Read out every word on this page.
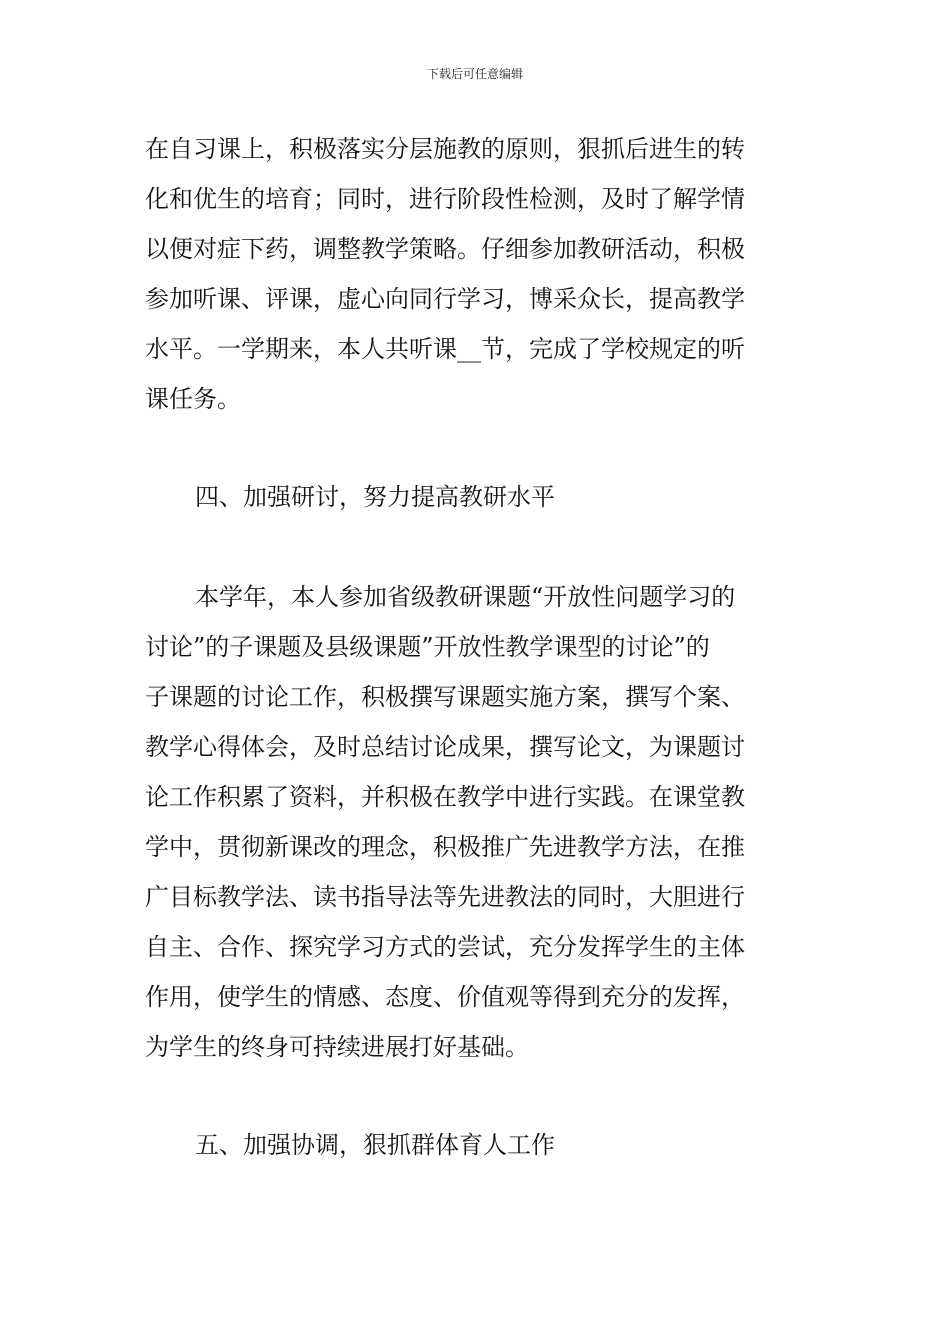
下载后可任意编辑
在自习课上，积极落实分层施教的原则，狠抓后进生的转
化和优生的培育；同时，进行阶段性检测，及时了解学情
以便对症下药，调整教学策略。仔细参加教研活动，积极
参加听课、评课，虚心向同行学习，博采众长，提高教学
水平。一学期来，本人共听课__节，完成了学校规定的听
课任务。
四、加强研讨，努力提高教研水平
本学年，本人参加省级教研课题“开放性问题学习的
讨论”的子课题及县级课题”开放性教学课型的讨论”的
子课题的讨论工作，积极撰写课题实施方案，撰写个案、
教学心得体会，及时总结讨论成果，撰写论文，为课题讨
论工作积累了资料，并积极在教学中进行实践。在课堂教
学中，贯彻新课改的理念，积极推广先进教学方法，在推
广目标教学法、读书指导法等先进教法的同时，大胆进行
自主、合作、探究学习方式的尝试，充分发挥学生的主体
作用，使学生的情感、态度、价值观等得到充分的发挥，
为学生的终身可持续进展打好基础。
五、加强协调，狠抓群体育人工作
